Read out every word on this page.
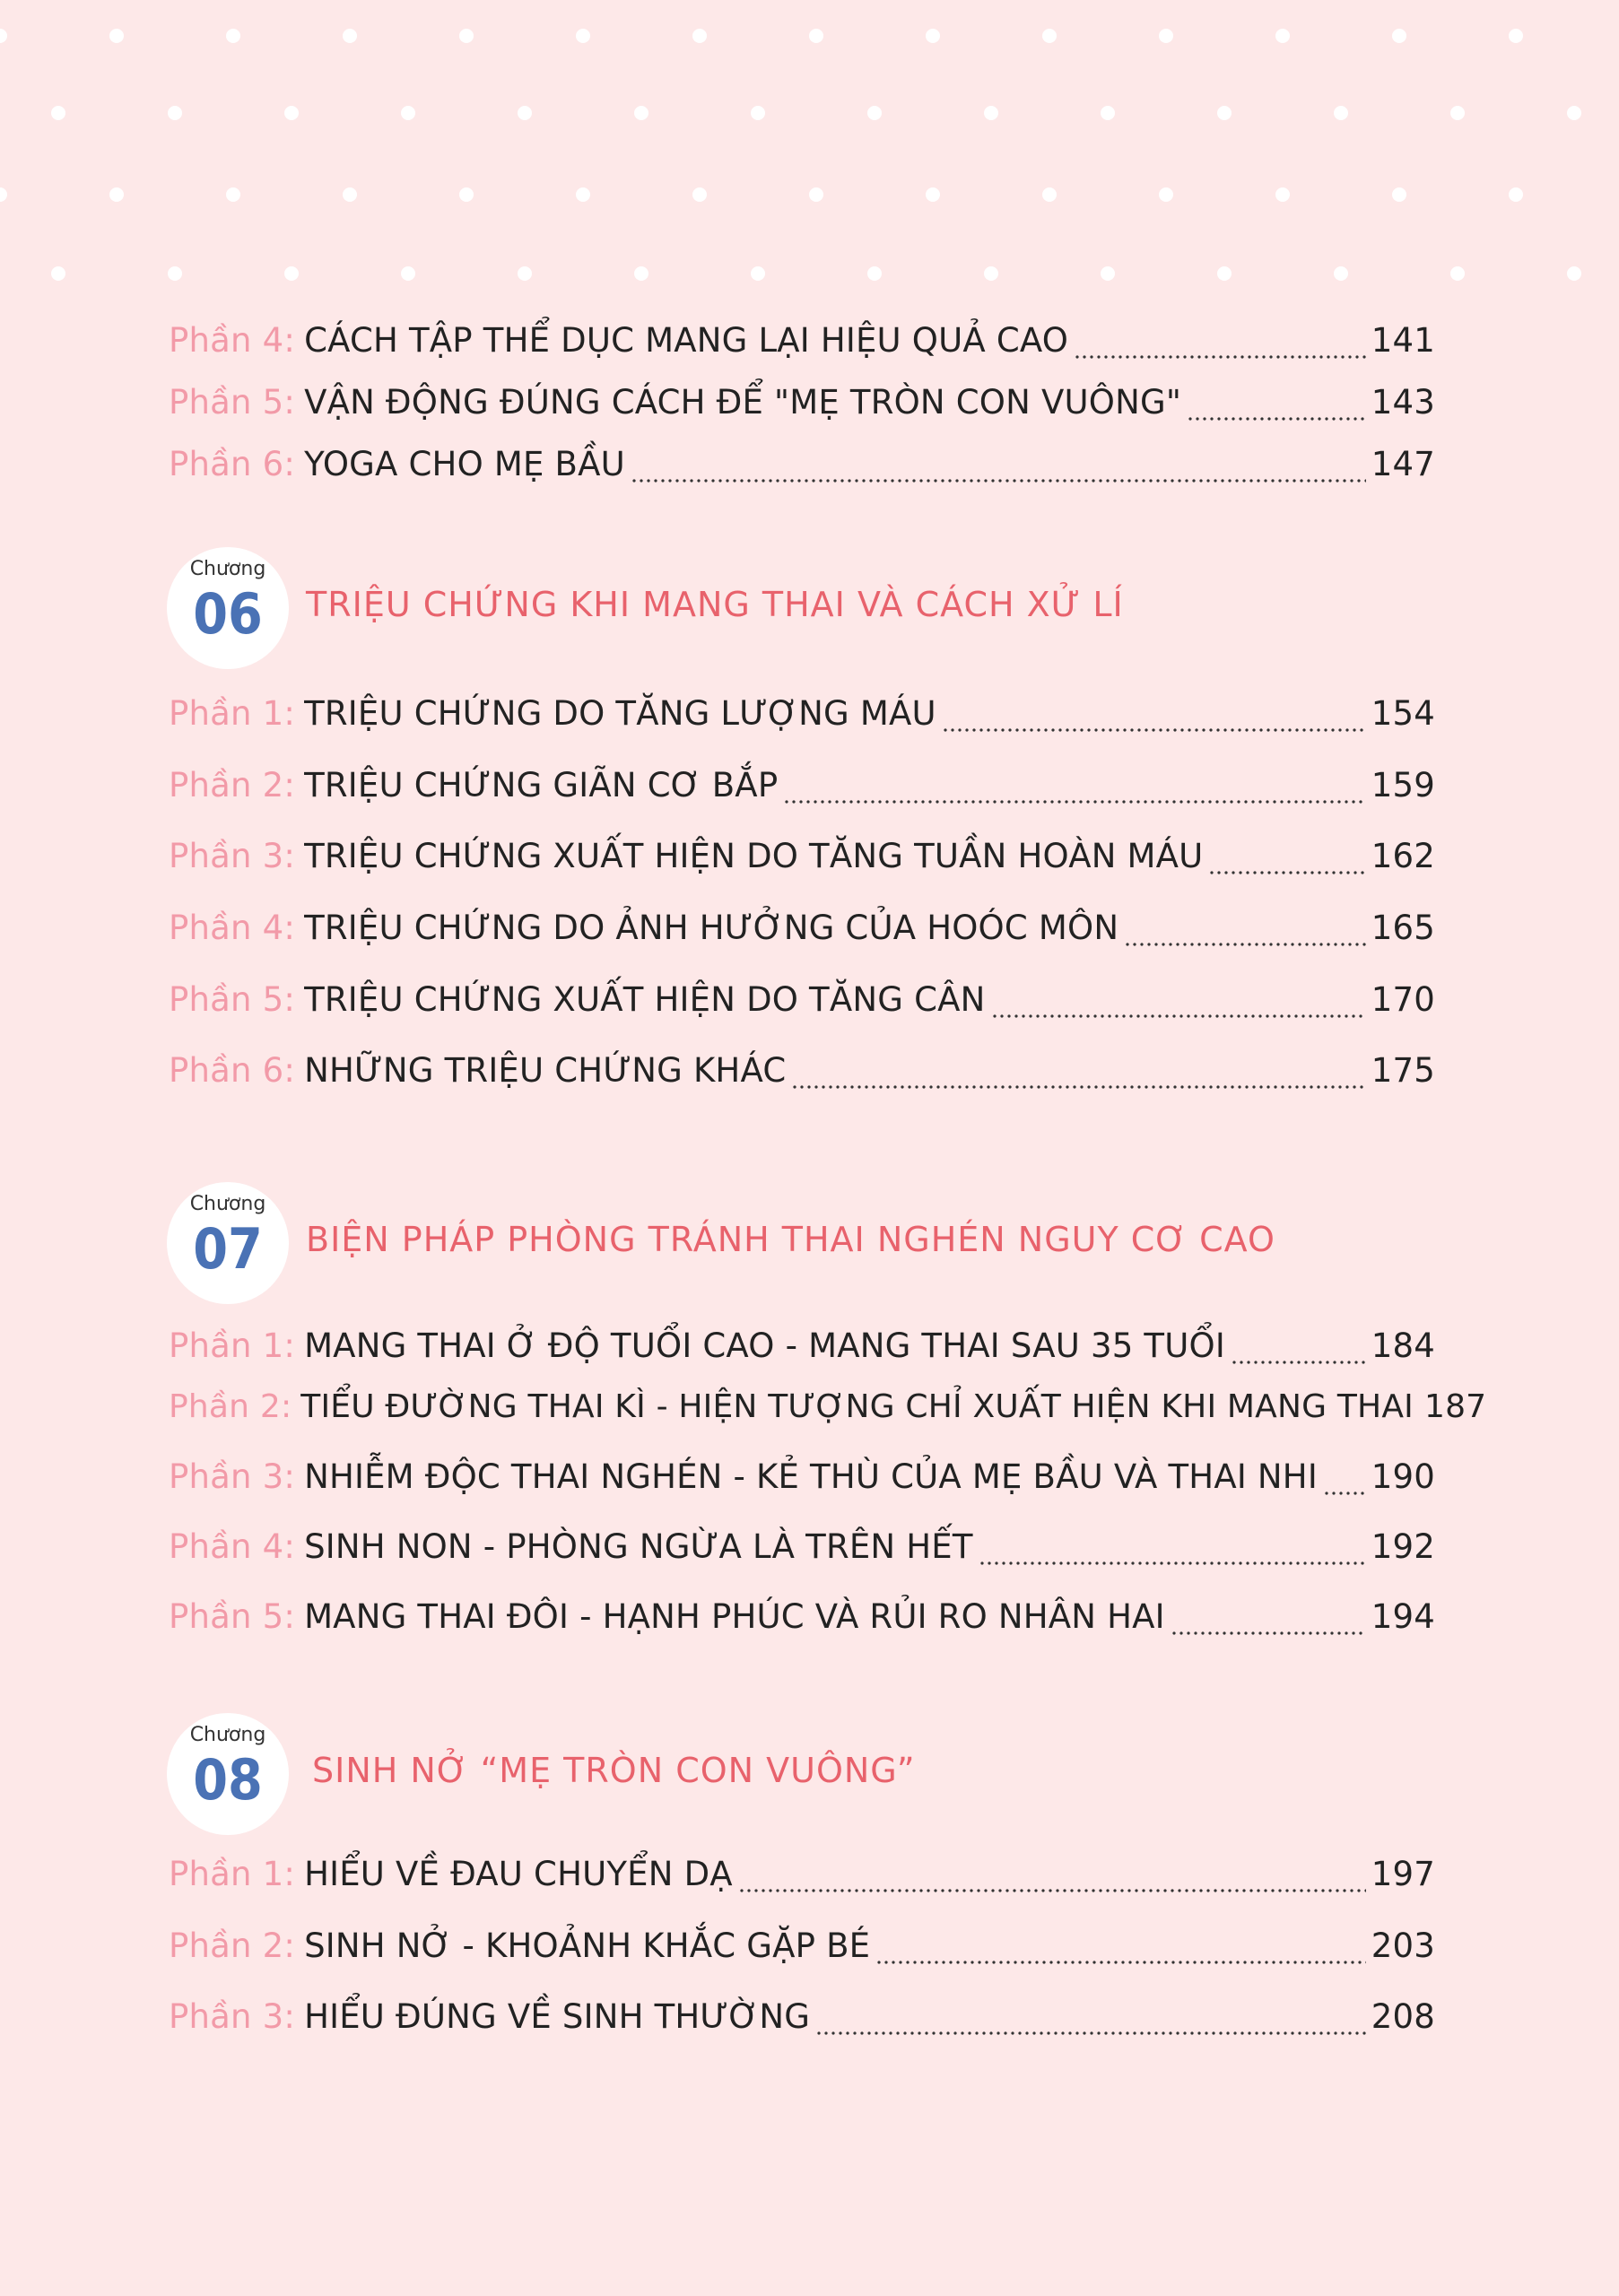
Phần 4: CÁCH TẬP THỂ DỤC MANG LẠI HIỆU QUẢ CAO	141
Phần 5: VẬN ĐỘNG ĐÚNG CÁCH ĐỂ "MẸ TRÒN CON VUÔNG"	143
Phần 6: YOGA CHO MẸ BẦU	147
Chương
06	TRIỆU CHỨNG KHI MANG THAI VÀ CÁCH XỬ LÍ
Phần 1: TRIỆU CHỨNG DO TĂNG LƯỢNG MÁU	154
Phần 2: TRIỆU CHỨNG GIÃN CƠ BẮP	159
Phần 3: TRIỆU CHỨNG XUẤT HIỆN DO TĂNG TUẦN HOÀN MÁU	162
Phần 4: TRIỆU CHỨNG DO ẢNH HƯỞNG CỦA HOÓC MÔN	165
Phần 5: TRIỆU CHỨNG XUẤT HIỆN DO TĂNG CÂN	170
Phần 6: NHỮNG TRIỆU CHỨNG KHÁC	175
Chương
07	BIỆN PHÁP PHÒNG TRÁNH THAI NGHÉN NGUY CƠ CAO
Phần 1: MANG THAI Ở ĐỘ TUỔI CAO - MANG THAI SAU 35 TUỔI	184
Phần 2: TIỂU ĐƯỜNG THAI KÌ - HIỆN TƯỢNG CHỈ XUẤT HIỆN KHI MANG THAI 187
Phần 3: NHIỄM ĐỘC THAI NGHÉN - KẺ THÙ CỦA MẸ BẦU VÀ THAI NHI 190
Phần 4: SINH NON - PHÒNG NGỪA LÀ TRÊN HẾT	192
Phần 5: MANG THAI ĐÔI - HẠNH PHÚC VÀ RỦI RO NHÂN HAI	194
Chương
08	SINH NỞ “MẸ TRÒN CON VUÔNG”
Phần 1: HIỂU VỀ ĐAU CHUYỂN DẠ	197
Phần 2: SINH NỞ - KHOẢNH KHẮC GẶP BÉ	203
Phần 3: HIỂU ĐÚNG VỀ SINH THƯỜNG	208
